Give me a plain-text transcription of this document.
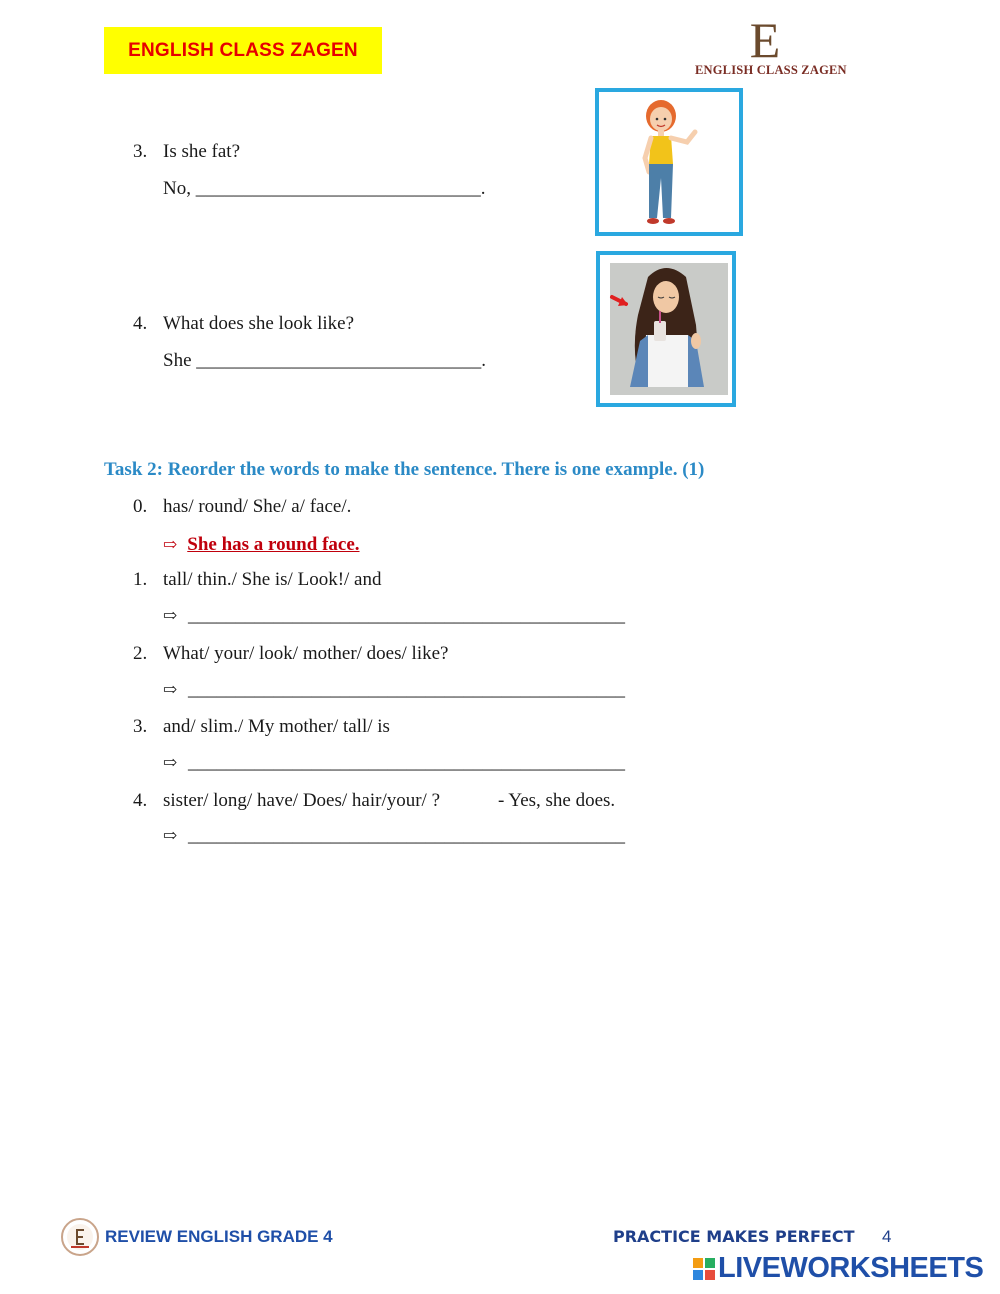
ENGLISH CLASS ZAGEN	E
ENGLISH CLASS ZAGEN
3. Is she fat?
No, ______________________________.
4. What does she look like?
She ______________________________.
Task 2: Reorder the words to make the sentence. There is one example. (1)
0. has/ round/ She/ a/ face/.
⇨ She has a round face.
1. tall/ thin./ She is/ Look!/ and
⇨ ______________________________________________
2. What/ your/ look/ mother/ does/ like?
⇨ ______________________________________________
3. and/ slim./ My mother/ tall/ is
⇨ ______________________________________________
4. sister/ long/ have/ Does/ hair/your/ ?	- Yes, she does.
⇨ ______________________________________________
REVIEW ENGLISH GRADE 4	PRACTICE MAKES PERFECT 4
LIVEWORKSHEETS
